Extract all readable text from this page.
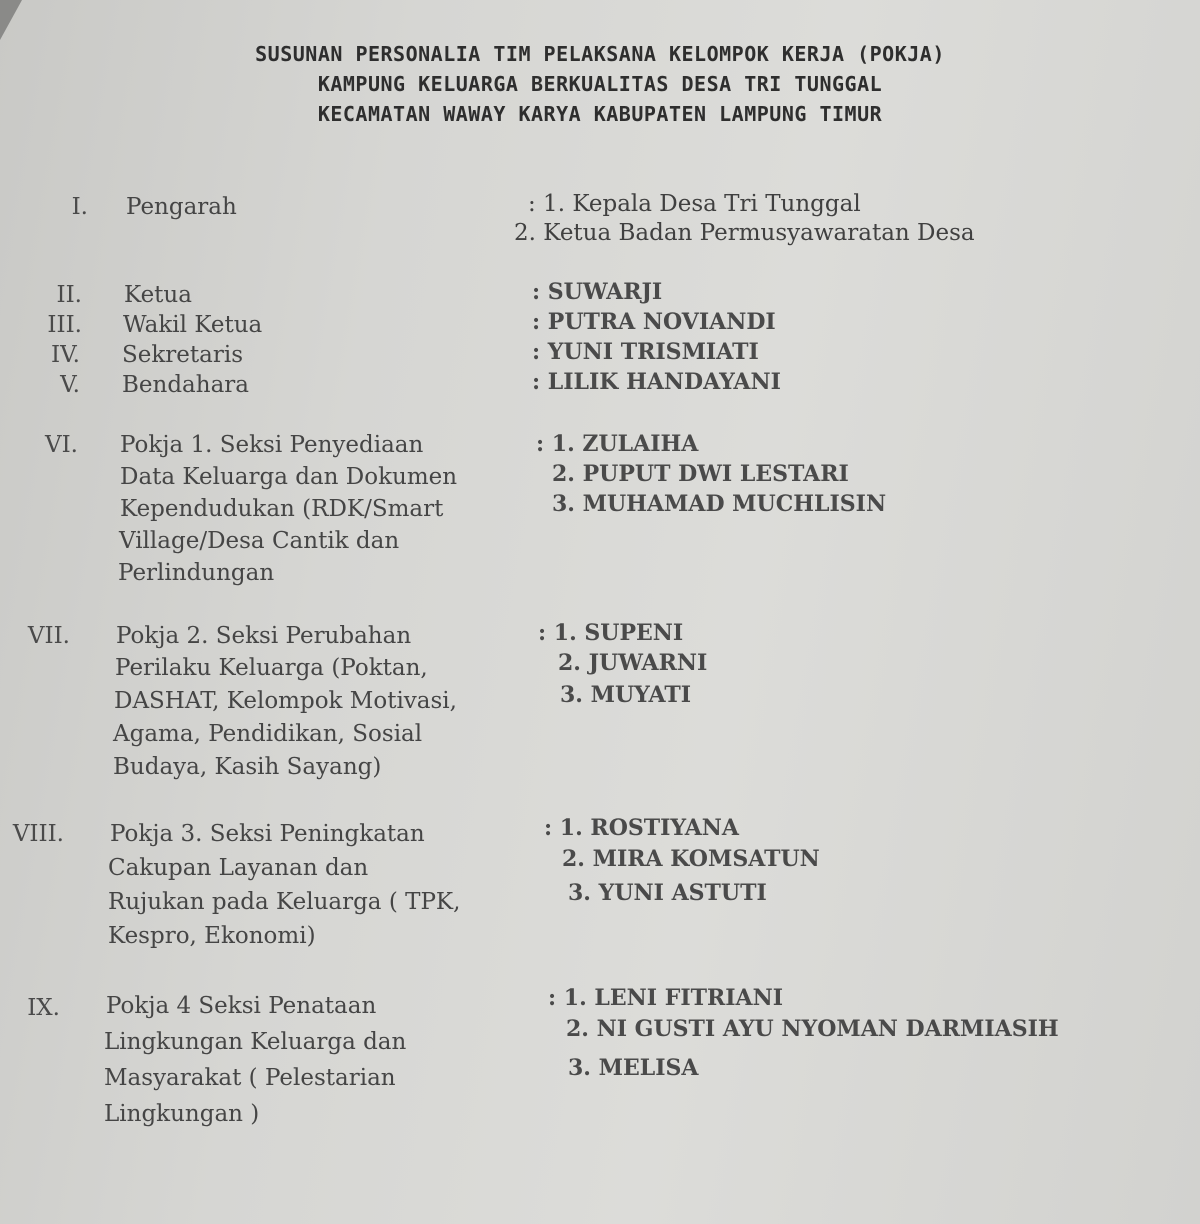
SUSUNAN PERSONALIA TIM PELAKSANA KELOMPOK KERJA (POKJA)
KAMPUNG KELUARGA BERKUALITAS DESA TRI TUNGGAL
KECAMATAN WAWAY KARYA KABUPATEN LAMPUNG TIMUR
I. Pengarah	: 1. Kepala Desa Tri Tunggal
2. Ketua Badan Permusyawaratan Desa
II. Ketua	: SUWARJI
III. Wakil Ketua	: PUTRA NOVIANDI
IV. Sekretaris	: YUNI TRISMIATI
V. Bendahara	: LILIK HANDAYANI
VI. Pokja 1. Seksi Penyediaan
Data Keluarga dan Dokumen
Kependudukan (RDK/Smart
Village/Desa Cantik dan
Perlindungan
: 1. ZULAIHA
2. PUPUT DWI LESTARI
3. MUHAMAD MUCHLISIN
VII. Pokja 2. Seksi Perubahan
Perilaku Keluarga (Poktan,
DASHAT, Kelompok Motivasi,
Agama, Pendidikan, Sosial
Budaya, Kasih Sayang)
: 1. SUPENI
2. JUWARNI
3. MUYATI
VIII. Pokja 3. Seksi Peningkatan
Cakupan Layanan dan
Rujukan pada Keluarga ( TPK,
Kespro, Ekonomi)
: 1. ROSTIYANA
2. MIRA KOMSATUN
3. YUNI ASTUTI
IX. Pokja 4 Seksi Penataan
Lingkungan Keluarga dan
Masyarakat ( Pelestarian
Lingkungan )
: 1. LENI FITRIANI
2. NI GUSTI AYU NYOMAN DARMIASIH
3. MELISA
